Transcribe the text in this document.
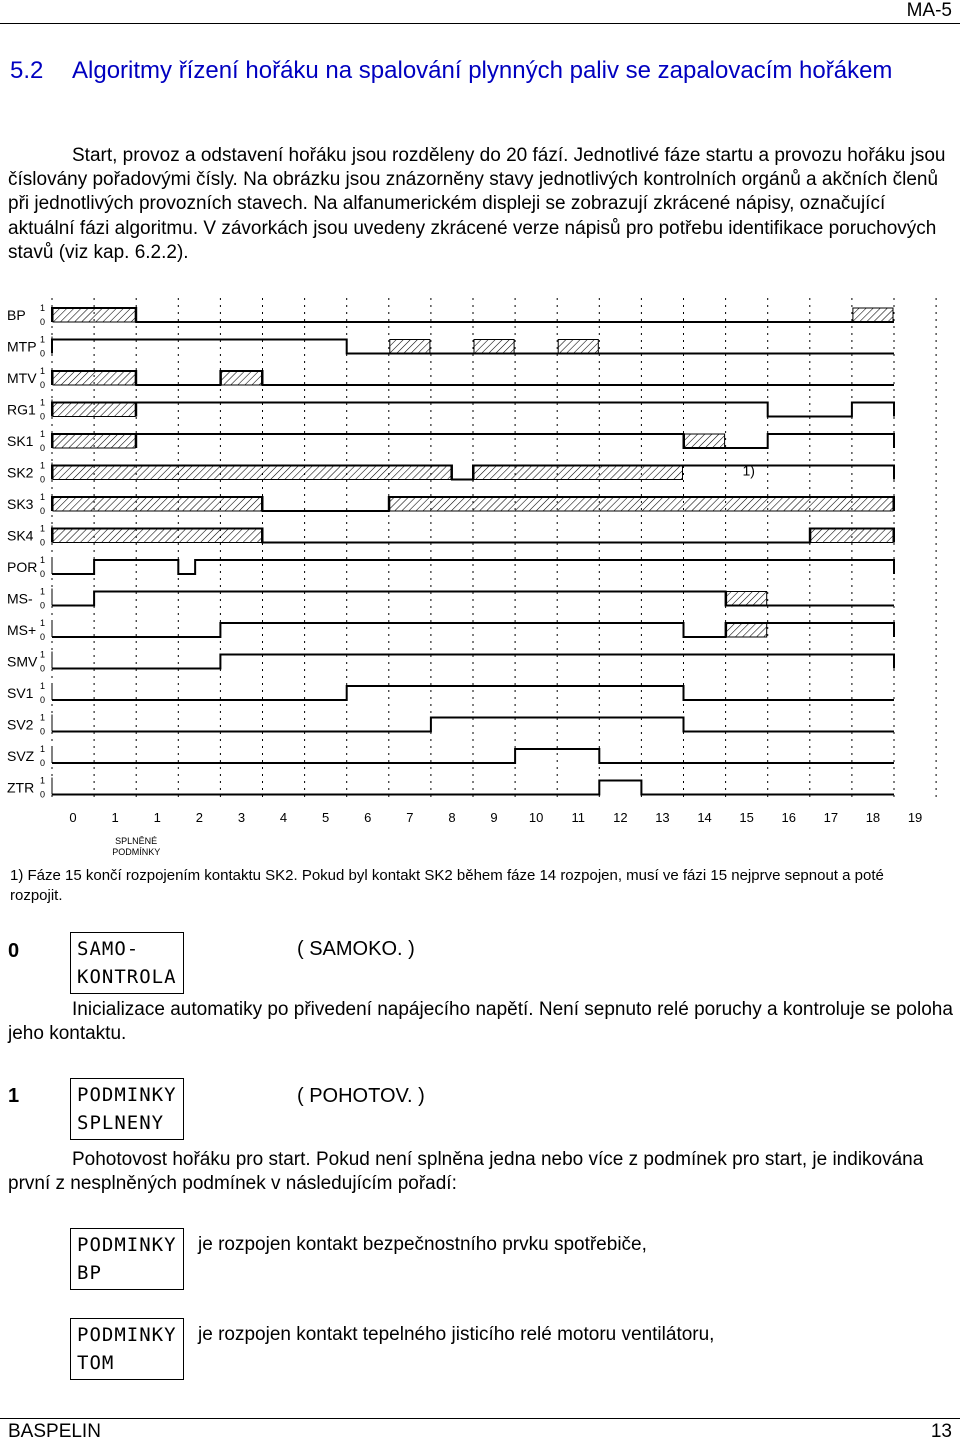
MA-5
5.2 Algoritmy řízení hořáku na spalování plynných paliv se zapalovacím hořákem

Start, provoz a odstavení hořáku jsou rozděleny do 20 fází. Jednotlivé fáze startu a provozu hořáku jsou číslovány pořadovými čísly. Na obrázku jsou znázorněny stavy jednotlivých kontrolních orgánů a akčních členů při jednotlivých provozních stavech. Na alfanumerickém displeji se zobrazují zkrácené nápisy, označující aktuální fázi algoritmu. V závorkách jsou uvedeny zkrácené verze nápisů pro potřebu identifikace poruchových stavů (viz kap. 6.2.2).

BP 1
0
MTP 1
0
MTV 1
0
RG1 1
0
SK1 1
0
SK2 1
0
SK3 1
0
SK4 1
0
POR 1
0
MS- 1
0
MS+ 1
0
SMV 1
0
SV1 1
0
SV2 1
0
SVZ 1
0
ZTR 1
0
1)
0	1	1	2	3	4	5	6	7	8	9 10 11 12 13 14 15 16 17 18 19
SPLNĚNÉ
PODMÍNKY
1) Fáze 15 končí rozpojením kontaktu SK2. Pokud byl kontakt SK2 během fáze 14 rozpojen, musí ve fázi 15 nejprve sepnout a poté rozpojit.
0	SAMO-
KONTROLA
( SAMOKO. )
Inicializace automatiky po přivedení napájecího napětí. Není sepnuto relé poruchy a kontroluje se poloha jeho kontaktu.
1	PODMINKY
SPLNENY
( POHOTOV. )
Pohotovost hořáku pro start. Pokud není splněna jedna nebo více z podmínek pro start, je indikována první z nesplněných podmínek v následujícím pořadí:
PODMINKY
BP
je rozpojen kontakt bezpečnostního prvku spotřebiče,
PODMINKY
TOM
je rozpojen kontakt tepelného jisticího relé motoru ventilátoru,
BASPELIN	13
